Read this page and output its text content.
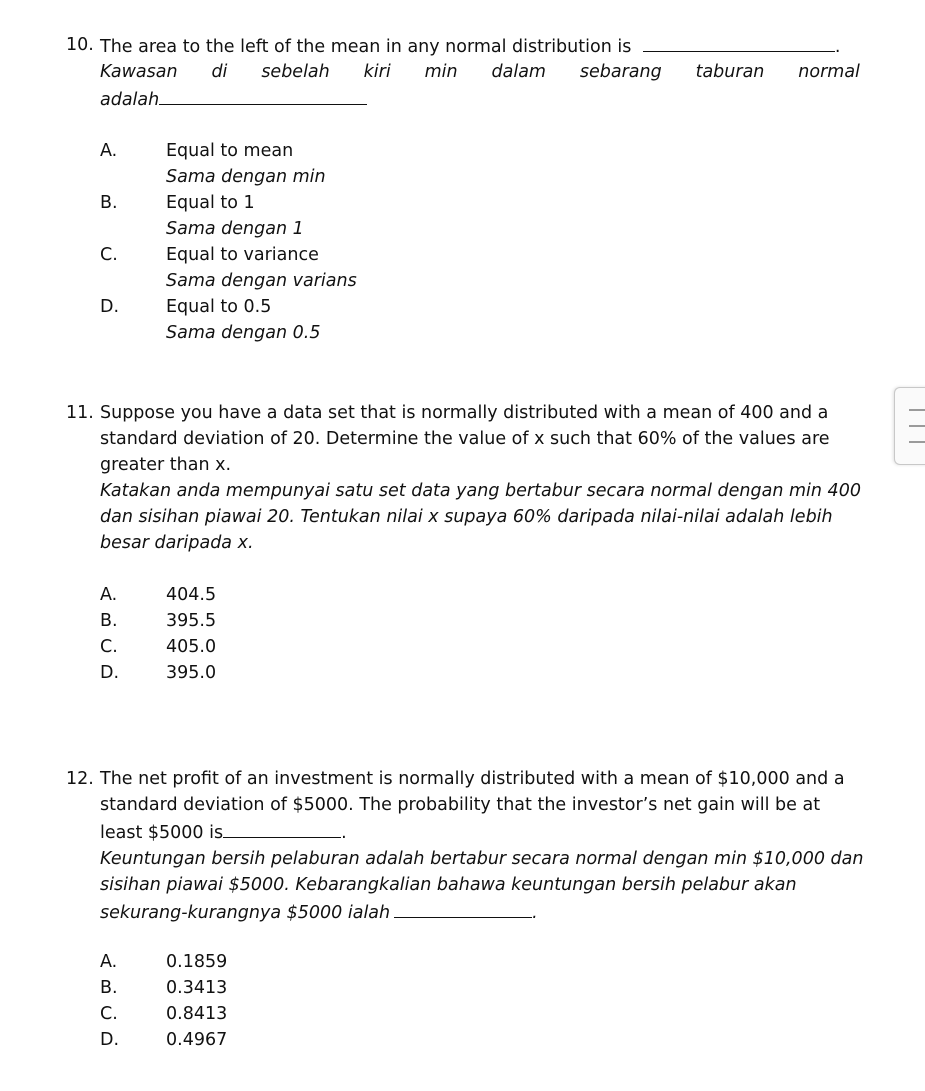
10. The area to the left of the mean in any normal distribution is	.
Kawasan di sebelah kiri min dalam sebarang taburan normal
adalah
A.	Equal to mean
Sama dengan min
B.	Equal to 1
Sama dengan 1
C.	Equal to variance
Sama dengan varians
D.	Equal to 0.5
Sama dengan 0.5
11. Suppose you have a data set that is normally distributed with a mean of 400 and a
standard deviation of 20. Determine the value of x such that 60% of the values are
greater than x.
Katakan anda mempunyai satu set data yang bertabur secara normal dengan min 400
dan sisihan piawai 20. Tentukan nilai x supaya 60% daripada nilai-nilai adalah lebih
besar daripada x.
A.	404.5
B.	395.5
C.	405.0
D.	395.0
12. The net profit of an investment is normally distributed with a mean of $10,000 and a
standard deviation of $5000. The probability that the investor’s net gain will be at
least $5000 is	.
Keuntungan bersih pelaburan adalah bertabur secara normal dengan min $10,000 dan
sisihan piawai $5000. Kebarangkalian bahawa keuntungan bersih pelabur akan
sekurang-kurangnya $5000 ialah	.
A.	0.1859
B.	0.3413
C.	0.8413
D.	0.4967
